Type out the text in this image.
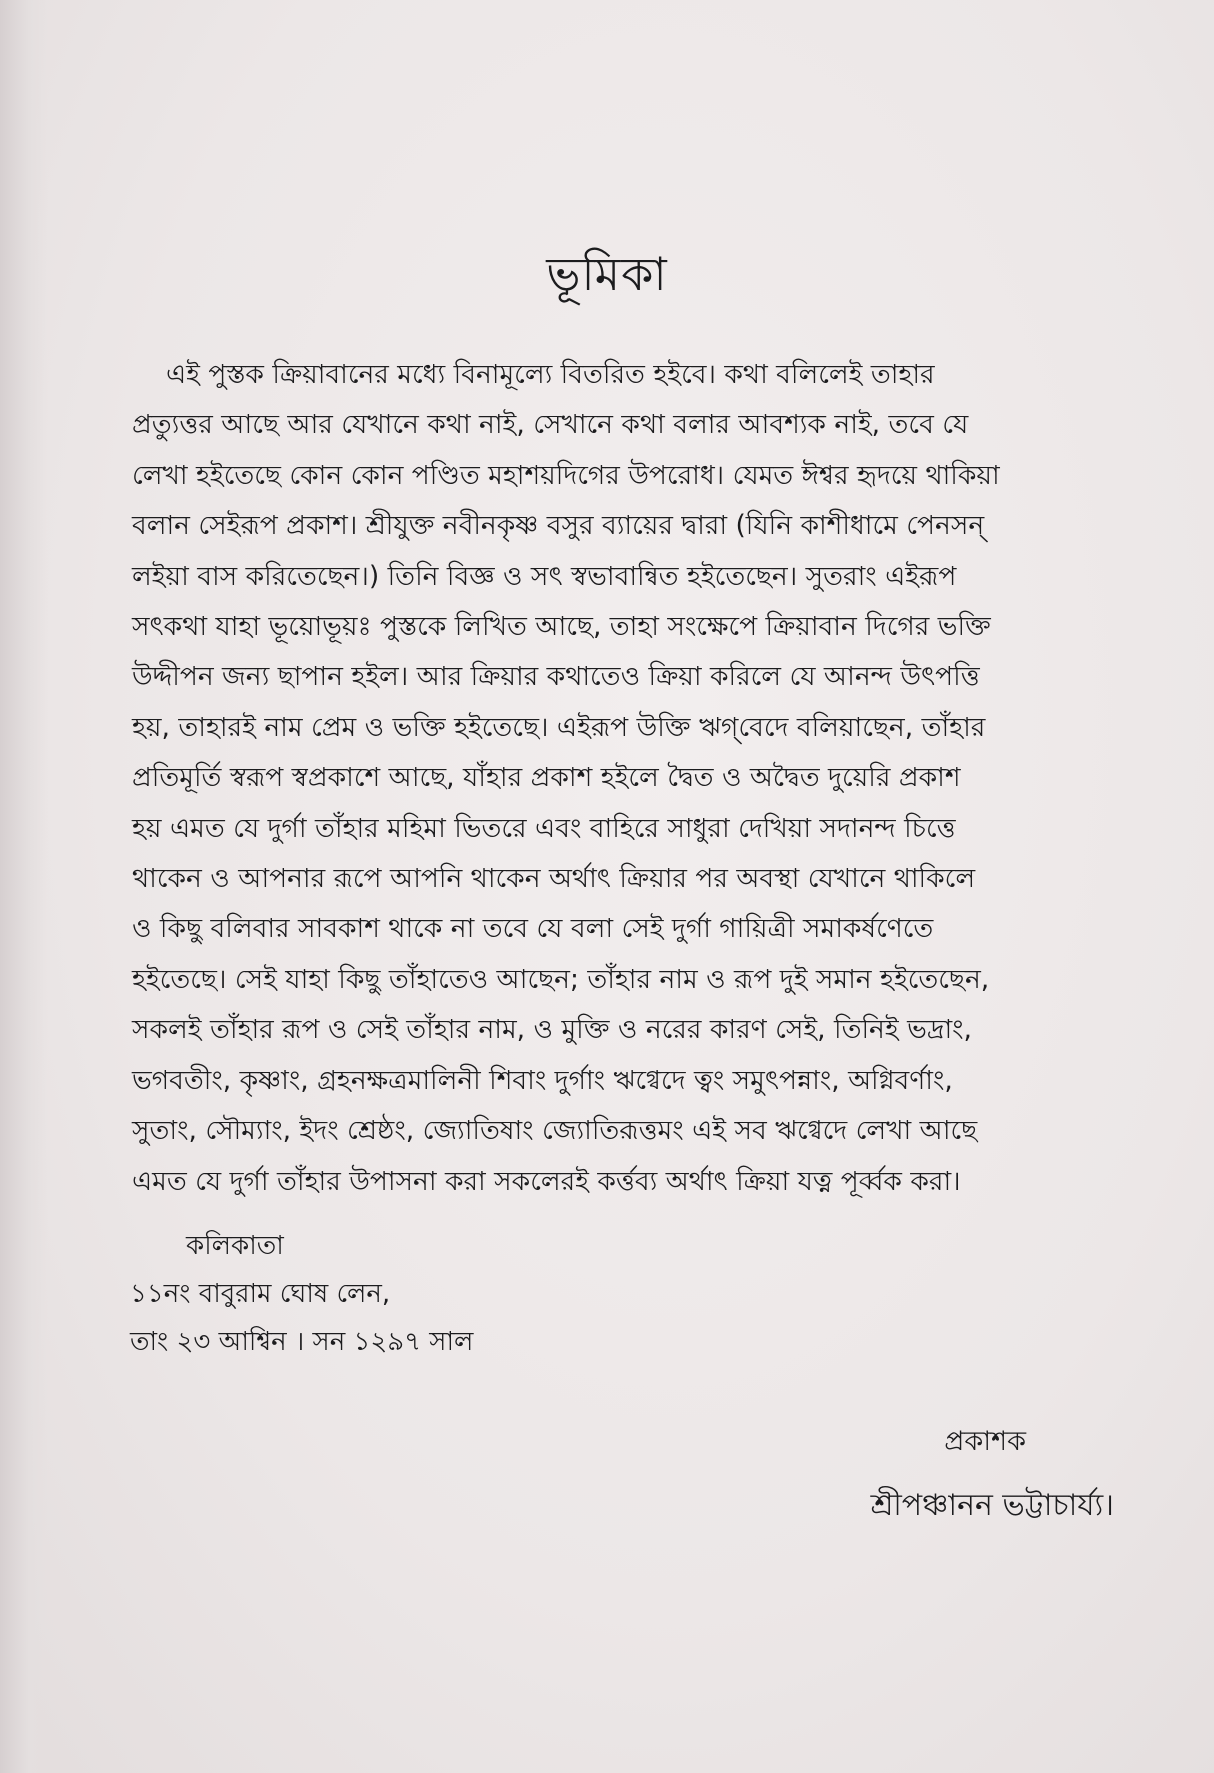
ভূমিকা

এই পুস্তক ক্রিয়াবানের মধ্যে বিনামূল্যে বিতরিত হইবে। কথা বলিলেই তাহার
প্রত্যুত্তর আছে আর যেখানে কথা নাই, সেখানে কথা বলার আবশ্যক নাই, তবে যে
লেখা হইতেছে কোন কোন পণ্ডিত মহাশয়দিগের উপরোধ। যেমত ঈশ্বর হৃদয়ে থাকিয়া
বলান সেইরূপ প্রকাশ। শ্রীযুক্ত নবীনকৃষ্ণ বসুর ব্যায়ের দ্বারা (যিনি কাশীধামে পেনসন্
লইয়া বাস করিতেছেন।) তিনি বিজ্ঞ ও সৎ স্বভাবান্বিত হইতেছেন। সুতরাং এইরূপ
সৎকথা যাহা ভূয়োভূয়ঃ পুস্তকে লিখিত আছে, তাহা সংক্ষেপে ক্রিয়াবান দিগের ভক্তি
উদ্দীপন জন্য ছাপান হইল। আর ক্রিয়ার কথাতেও ক্রিয়া করিলে যে আনন্দ উৎপত্তি
হয়, তাহারই নাম প্রেম ও ভক্তি হইতেছে। এইরূপ উক্তি ঋগ্‌বেদে বলিয়াছেন, তাঁহার
প্রতিমূর্তি স্বরূপ স্বপ্রকাশে আছে, যাঁহার প্রকাশ হইলে দ্বৈত ও অদ্বৈত দুয়েরি প্রকাশ
হয় এমত যে দুর্গা তাঁহার মহিমা ভিতরে এবং বাহিরে সাধুরা দেখিয়া সদানন্দ চিত্তে
থাকেন ও আপনার রূপে আপনি থাকেন অর্থাৎ ক্রিয়ার পর অবস্থা যেখানে থাকিলে
ও কিছু বলিবার সাবকাশ থাকে না তবে যে বলা সেই দুর্গা গায়িত্রী সমাকর্ষণেতে
হইতেছে। সেই যাহা কিছু তাঁহাতেও আছেন; তাঁহার নাম ও রূপ দুই সমান হইতেছেন,
সকলই তাঁহার রূপ ও সেই তাঁহার নাম, ও মুক্তি ও নরের কারণ সেই, তিনিই ভদ্রাং,
ভগবতীং, কৃষ্ণাং, গ্রহনক্ষত্রমালিনী শিবাং দুর্গাং ঋগ্বেদে ত্বং সমুৎপন্নাং, অগ্নিবর্ণাং,
সুতাং, সৌম্যাং, ইদং শ্রেষ্ঠং, জ্যোতিষাং জ্যোতিরূত্তমং এই সব ঋগ্বেদে লেখা আছে
এমত যে দুর্গা তাঁহার উপাসনা করা সকলেরই কর্ত্তব্য অর্থাৎ ক্রিয়া যত্ন পূর্ব্বক করা।

কলিকাতা
১১নং বাবুরাম ঘোষ লেন,
তাং ২৩ আশ্বিন । সন ১২৯৭ সাল
প্রকাশক
শ্রীপঞ্চানন ভট্টাচার্য্য।
